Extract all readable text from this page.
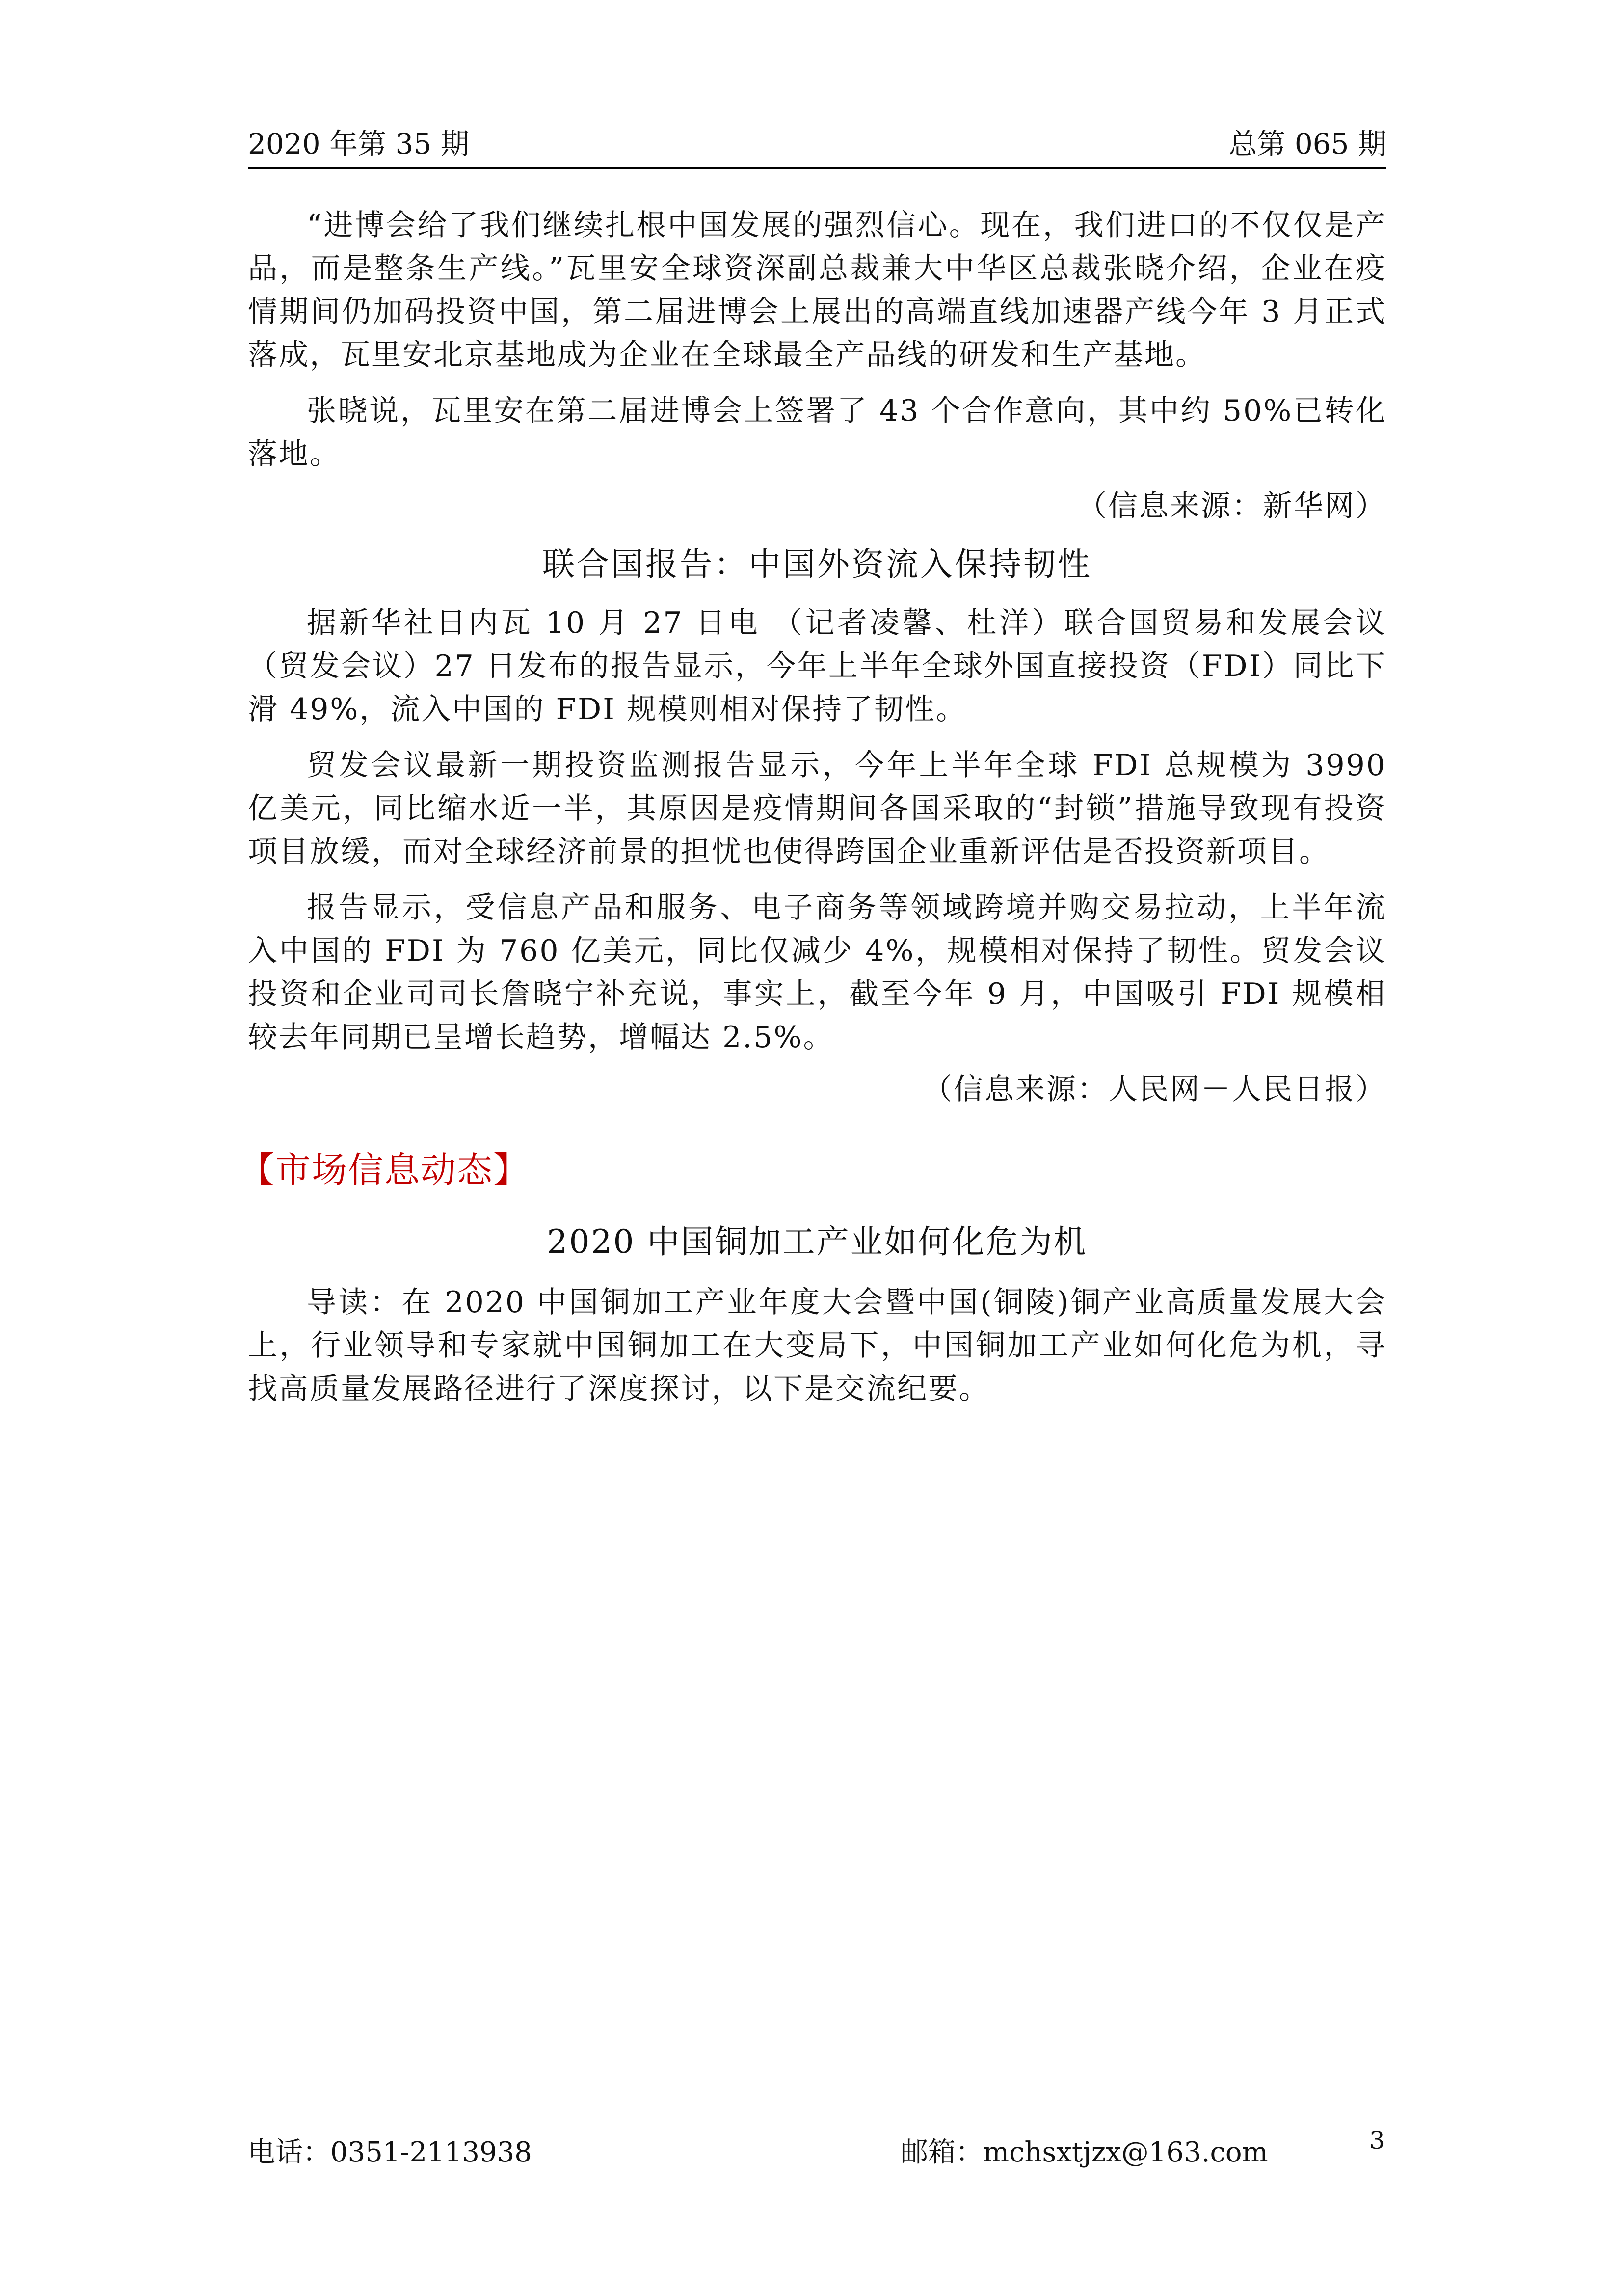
2020 年第 35 期	总第 065 期

“进博会给了我们继续扎根中国发展的强烈信心。现在，我们进口的不仅仅是产品，而是整条生产线。”瓦里安全球资深副总裁兼大中华区总裁张晓介绍，企业在疫情期间仍加码投资中国，第二届进博会上展出的高端直线加速器产线今年 3 月正式落成，瓦里安北京基地成为企业在全球最全产品线的研发和生产基地。

张晓说，瓦里安在第二届进博会上签署了 43 个合作意向，其中约 50%已转化落地。

（信息来源：新华网）

联合国报告：中国外资流入保持韧性

据新华社日内瓦 10 月 27 日电 （记者凌馨、杜洋）联合国贸易和发展会议（贸发会议）27 日发布的报告显示，今年上半年全球外国直接投资（FDI）同比下滑 49%，流入中国的 FDI 规模则相对保持了韧性。

贸发会议最新一期投资监测报告显示，今年上半年全球 FDI 总规模为 3990 亿美元，同比缩水近一半，其原因是疫情期间各国采取的“封锁”措施导致现有投资项目放缓，而对全球经济前景的担忧也使得跨国企业重新评估是否投资新项目。

报告显示，受信息产品和服务、电子商务等领域跨境并购交易拉动，上半年流入中国的 FDI 为 760 亿美元，同比仅减少 4%，规模相对保持了韧性。贸发会议投资和企业司司长詹晓宁补充说，事实上，截至今年 9 月，中国吸引 FDI 规模相较去年同期已呈增长趋势，增幅达 2.5%。

（信息来源：人民网－人民日报）

【市场信息动态】
2020 中国铜加工产业如何化危为机

导读：在 2020 中国铜加工产业年度大会暨中国(铜陵)铜产业高质量发展大会上，行业领导和专家就中国铜加工在大变局下，中国铜加工产业如何化危为机，寻找高质量发展路径进行了深度探讨，以下是交流纪要。

电话：0351-2113938	邮箱：mchsxtjzx@163.com	3
